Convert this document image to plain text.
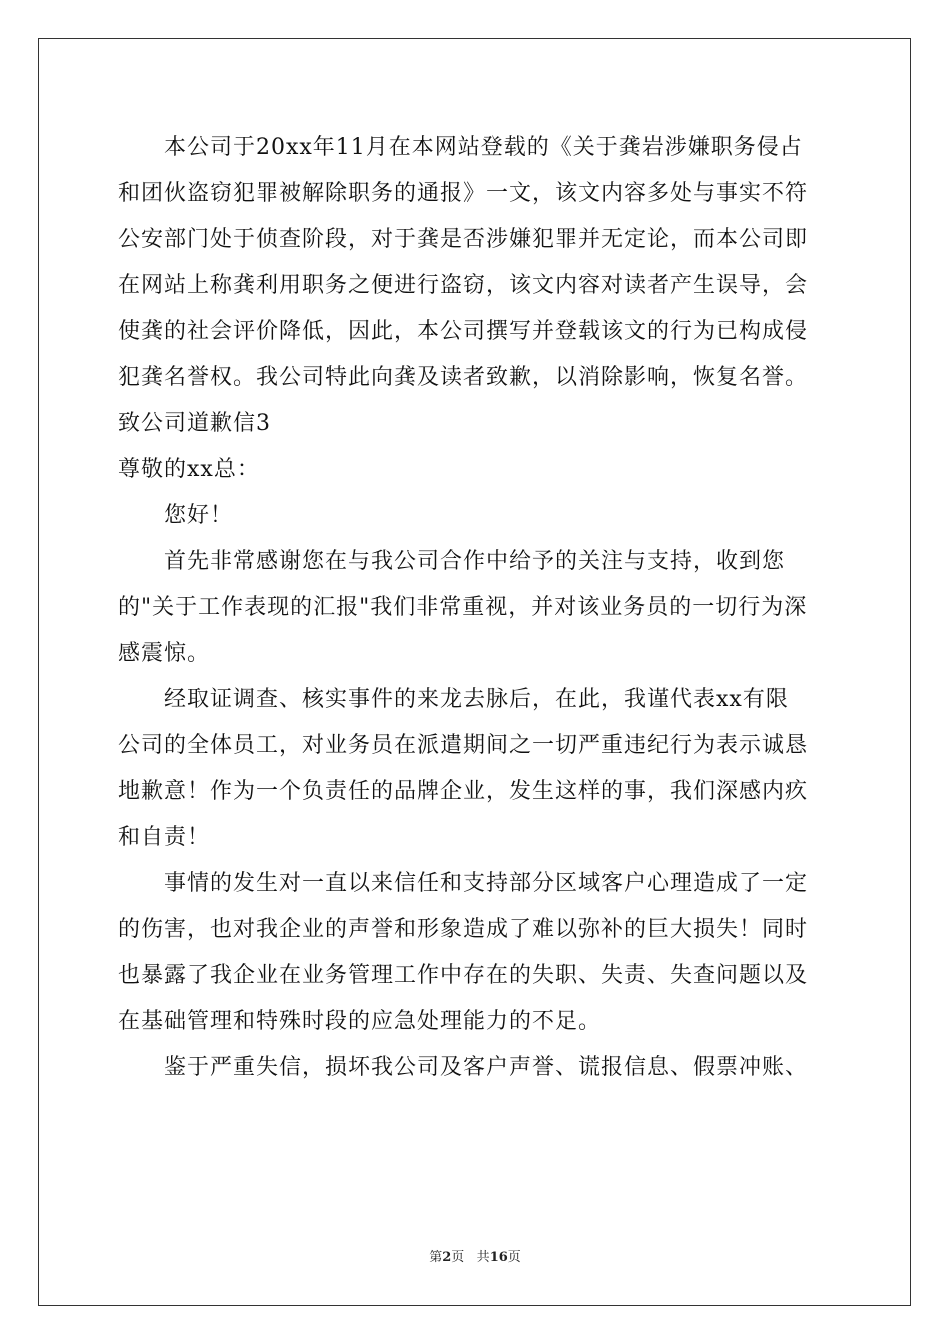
本公司于20xx年11月在本网站登载的《关于龚岩涉嫌职务侵占
和团伙盗窃犯罪被解除职务的通报》一文，该文内容多处与事实不符
公安部门处于侦查阶段，对于龚是否涉嫌犯罪并无定论，而本公司即
在网站上称龚利用职务之便进行盗窃，该文内容对读者产生误导，会
使龚的社会评价降低，因此，本公司撰写并登载该文的行为已构成侵
犯龚名誉权。我公司特此向龚及读者致歉，以消除影响，恢复名誉。
致公司道歉信3
尊敬的xx总：
您好！
首先非常感谢您在与我公司合作中给予的关注与支持，收到您
的"关于工作表现的汇报"我们非常重视，并对该业务员的一切行为深
感震惊。
经取证调查、核实事件的来龙去脉后，在此，我谨代表xx有限
公司的全体员工，对业务员在派遣期间之一切严重违纪行为表示诚恳
地歉意！作为一个负责任的品牌企业，发生这样的事，我们深感内疚
和自责！
事情的发生对一直以来信任和支持部分区域客户心理造成了一定
的伤害，也对我企业的声誉和形象造成了难以弥补的巨大损失！同时
也暴露了我企业在业务管理工作中存在的失职、失责、失查问题以及
在基础管理和特殊时段的应急处理能力的不足。
鉴于严重失信，损坏我公司及客户声誉、谎报信息、假票冲账、
第2页 共16页
